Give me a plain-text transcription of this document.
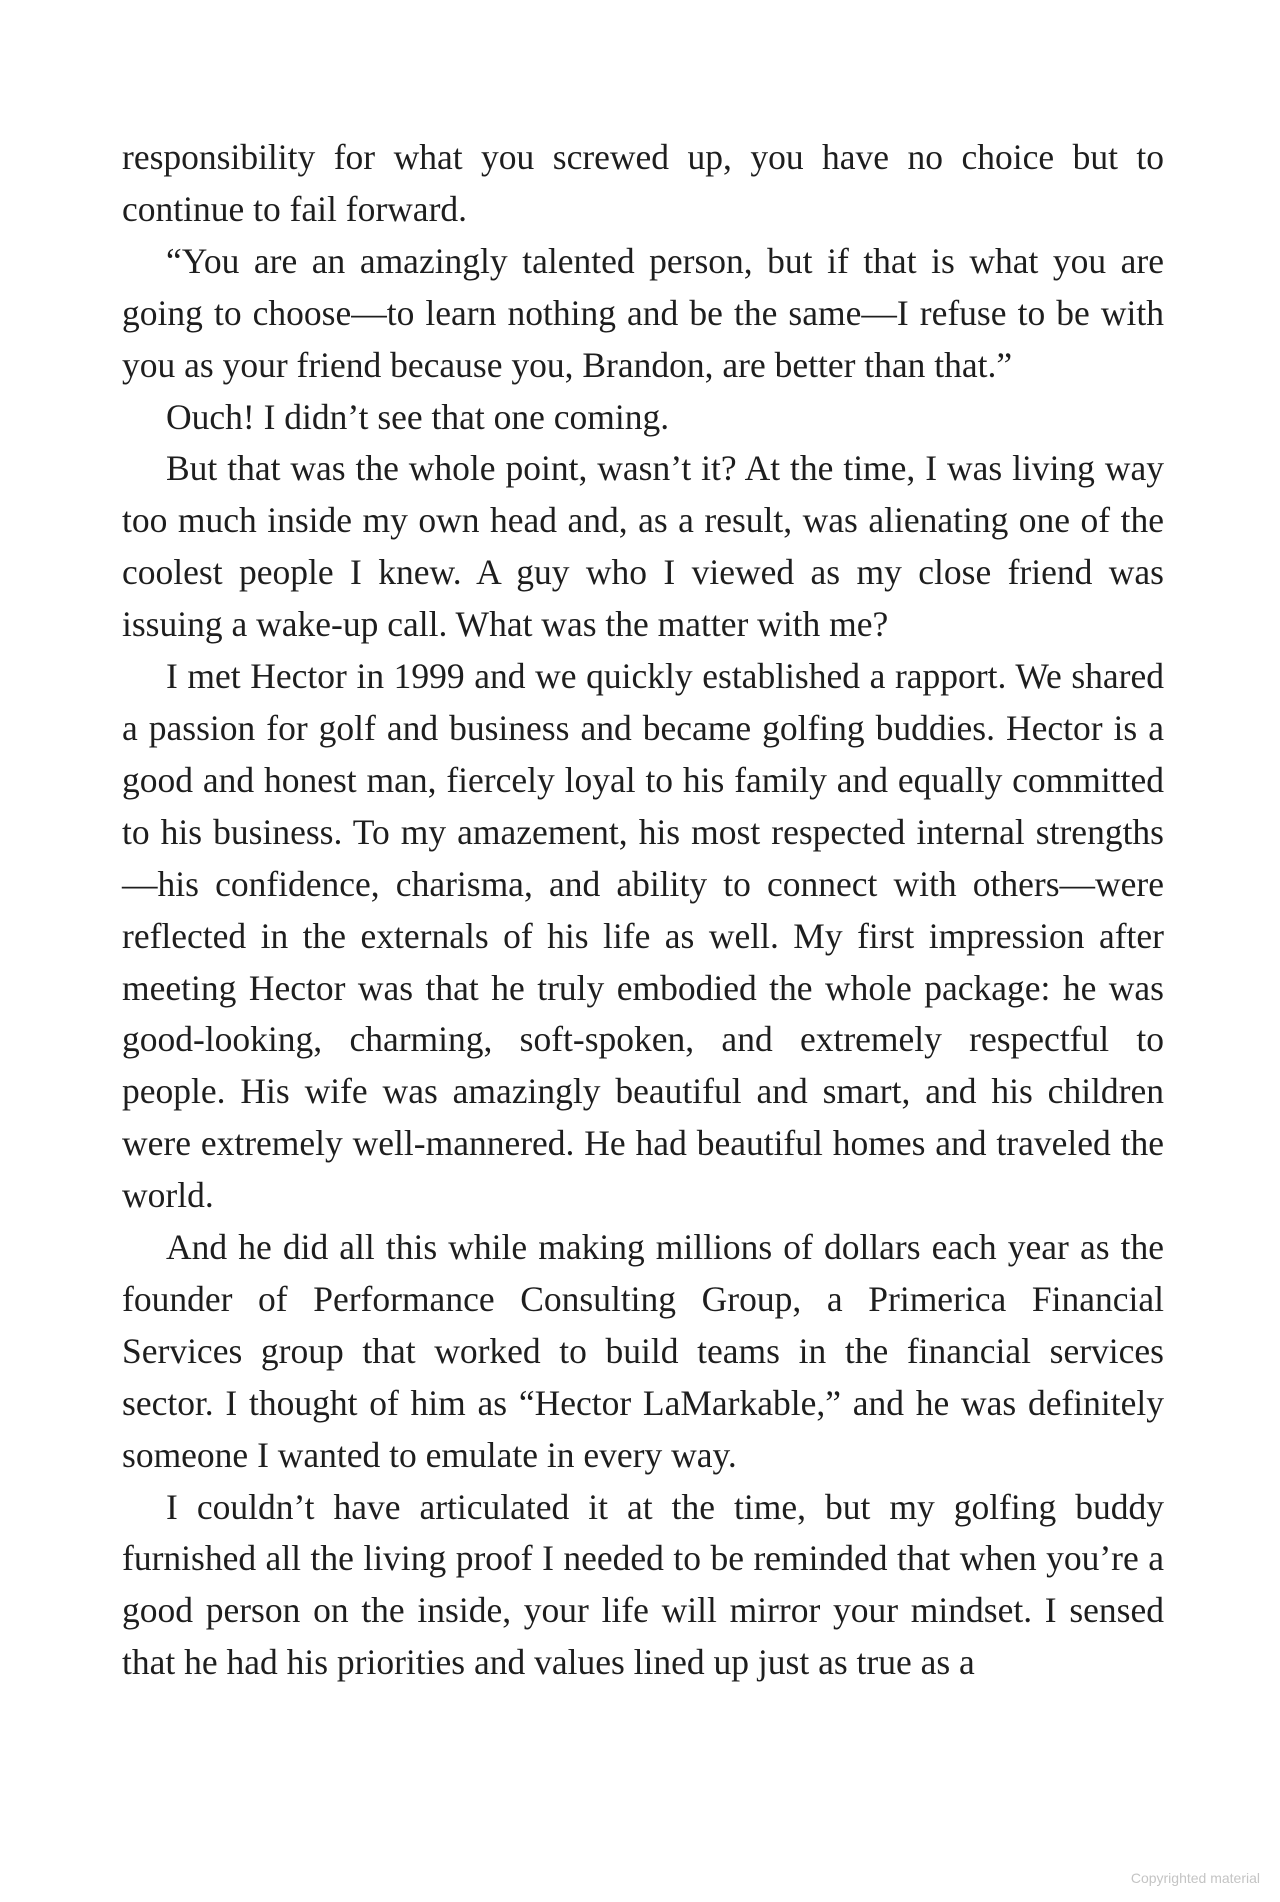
responsibility for what you screwed up, you have no choice but to continue to fail forward.

“You are an amazingly talented person, but if that is what you are going to choose—to learn nothing and be the same—I refuse to be with you as your friend because you, Brandon, are better than that.”

Ouch! I didn’t see that one coming.

But that was the whole point, wasn’t it? At the time, I was living way too much inside my own head and, as a result, was alienating one of the coolest people I knew. A guy who I viewed as my close friend was issuing a wake-up call. What was the matter with me?

I met Hector in 1999 and we quickly established a rapport. We shared a passion for golf and business and became golfing buddies. Hector is a good and honest man, fiercely loyal to his family and equally committed to his business. To my amazement, his most respected internal strengths—his confidence, charisma, and ability to connect with others—were reflected in the externals of his life as well. My first impression after meeting Hector was that he truly embodied the whole package: he was good-looking, charming, soft-spoken, and extremely respectful to people. His wife was amazingly beautiful and smart, and his children were extremely well-mannered. He had beautiful homes and traveled the world.

And he did all this while making millions of dollars each year as the founder of Performance Consulting Group, a Primerica Financial Services group that worked to build teams in the financial services sector. I thought of him as “Hector LaMarkable,” and he was definitely someone I wanted to emulate in every way.

I couldn’t have articulated it at the time, but my golfing buddy furnished all the living proof I needed to be reminded that when you’re a good person on the inside, your life will mirror your mindset. I sensed that he had his priorities and values lined up just as true as a

Copyrighted material
